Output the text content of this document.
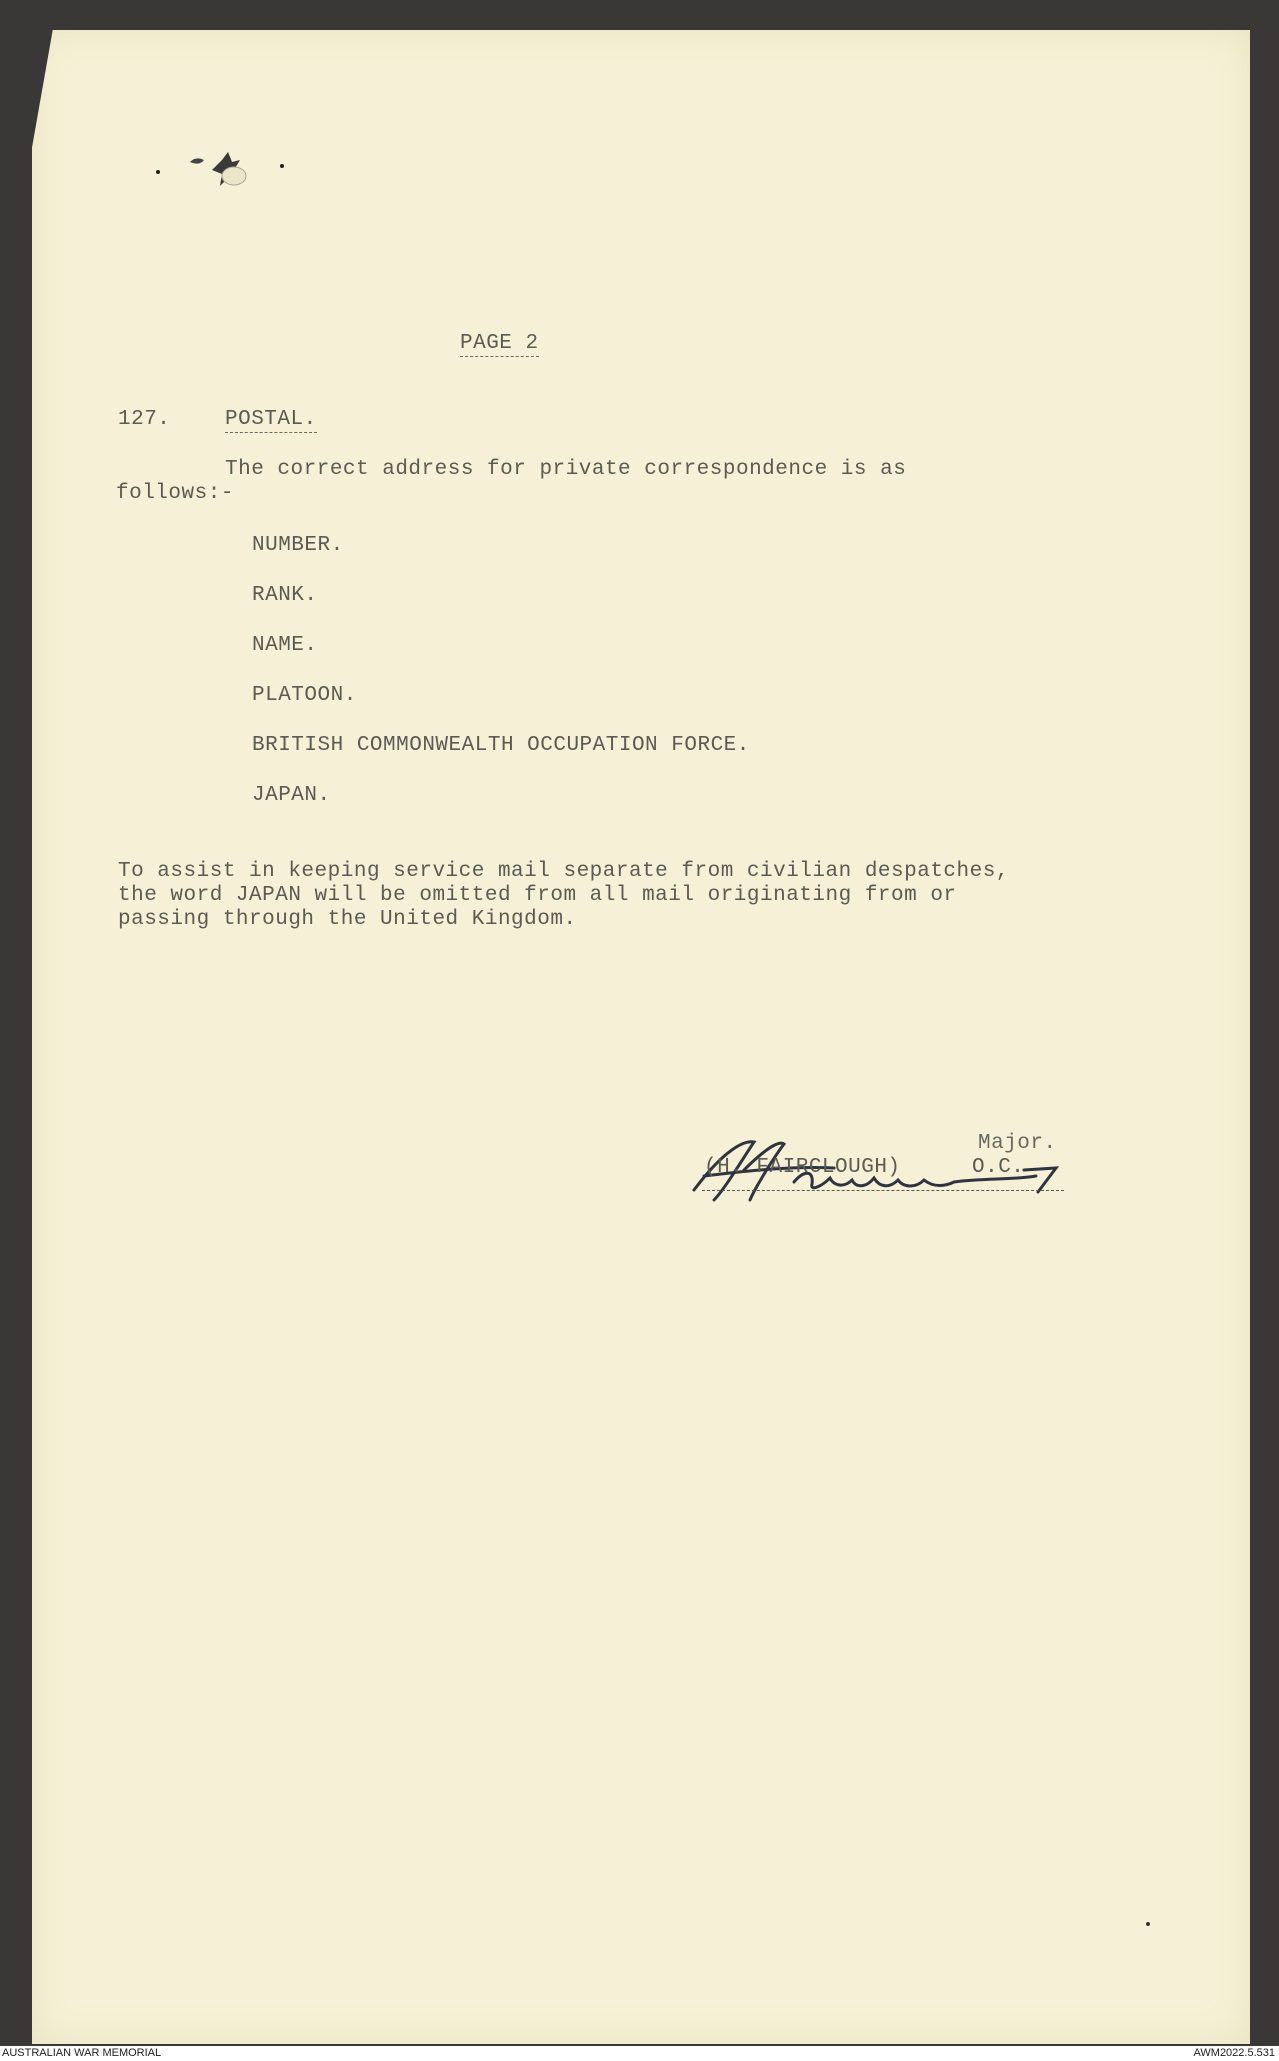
PAGE 2
127.	POSTAL.
The correct address for private correspondence is as
follows:-
NUMBER.
RANK.
NAME.
PLATOON.
BRITISH COMMONWEALTH OCCUPATION FORCE.
JAPAN.
To assist in keeping service mail separate from civilian despatches,
the word JAPAN will be omitted from all mail originating from or
passing through the United Kingdom.
Major.
(H. FAIRCLOUGH)	O.C.
AUSTRALIAN WAR MEMORIAL	AWM2022.5.531
